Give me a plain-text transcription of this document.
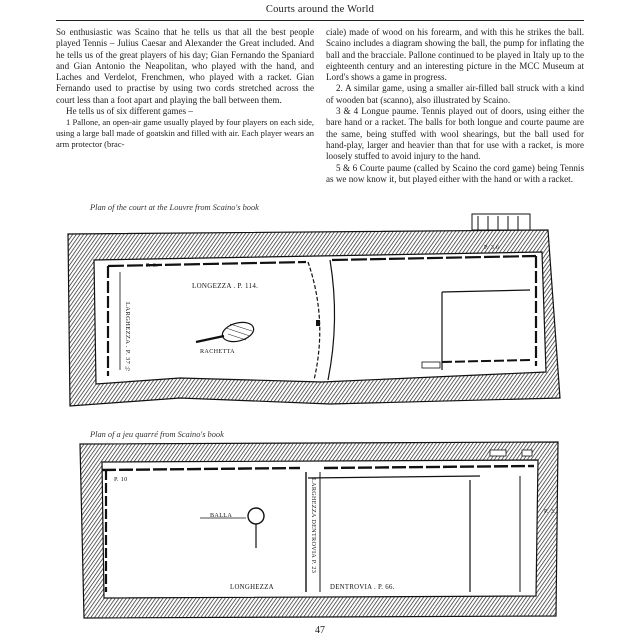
Courts around the World

So enthusiastic was Scaino that he tells us that all the best people played Tennis – Julius Caesar and Alexander the Great included. And he tells us of the great players of his day; Gian Fernando the Spaniard and Gian Antonio the Neapolitan, who played with the hand, and Laches and Verdelot, Frenchmen, who played with a racket. Gian Fernando used to practise by using two cords stretched across the court less than a foot apart and playing the ball between them.

He tells us of six different games –

1 Pallone, an open-air game usually played by four players on each side, using a large ball made of goatskin and filled with air. Each player wears an arm protector (brac-

ciale) made of wood on his forearm, and with this he strikes the ball. Scaino includes a diagram showing the ball, the pump for inflating the ball and the bracciale. Pallone continued to be played in Italy up to the eighteenth century and an interesting picture in the MCC Museum at Lord's shows a game in progress.

2. A similar game, using a smaller air-filled ball struck with a kind of wooden bat (scanno), also illustrated by Scaino.

3 & 4 Longue paume. Tennis played out of doors, using either the bare hand or a racket. The balls for both longue and courte paume are the same, being stuffed with wool shearings, but the ball used for hand-play, larger and heavier than that for use with a racket, is more loosely stuffed to avoid injury to the hand.

5 & 6 Courte paume (called by Scaino the cord game) being Tennis as we now know it, but played either with the hand or with a racket.

Plan of the court at the Louvre from Scaino's book
LONGEZZA . P. 114.
LARGHEZZA . P. 37 ½	RACHETTA
P. 3.
P. 3.6
Plan of a jeu quarré from Scaino's book
LONGHEZZA
LARGHEZZA DENTROVIA P. 23
DENTROVIA . P. 66.
BALLA
P. 3.
P. 10
47
